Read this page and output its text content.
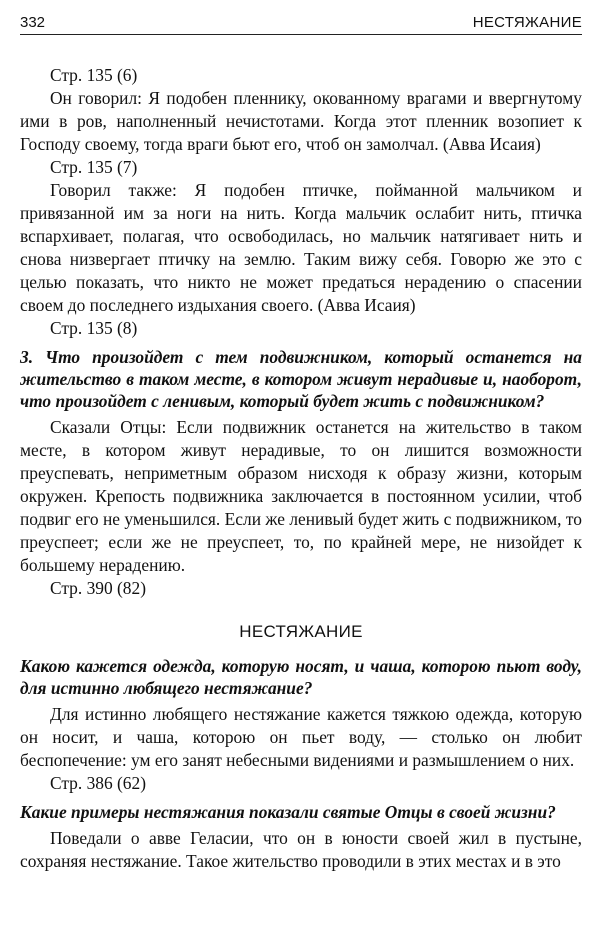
332	НЕСТЯЖАНИЕ

Стр. 135 (6)

Он говорил: Я подобен пленнику, окованному врагами и ввергнутому ими в ров, наполненный нечистотами. Когда этот пленник возопиет к Господу своему, тогда враги бьют его, чтоб он замолчал. (Авва Исаия)

Стр. 135 (7)

Говорил также: Я подобен птичке, пойманной мальчиком и привязанной им за ноги на нить. Когда мальчик ослабит нить, птичка вспархивает, полагая, что освободилась, но мальчик натягивает нить и снова низвергает птичку на землю. Таким вижу себя. Говорю же это с целью показать, что никто не может предаться нерадению о спасении своем до последнего издыхания своего. (Авва Исаия)

Стр. 135 (8)

3. Что произойдет с тем подвижником, который останется на жительство в таком месте, в котором живут нерадивые и, наоборот, что произойдет с ленивым, который будет жить с подвижником?

Сказали Отцы: Если подвижник останется на жительство в таком месте, в котором живут нерадивые, то он лишится возможности преуспевать, неприметным образом нисходя к образу жизни, которым окружен. Крепость подвижника заключается в постоянном усилии, чтоб подвиг его не уменьшился. Если же ленивый будет жить с подвижником, то преуспеет; если же не преуспеет, то, по крайней мере, не низойдет к большему нерадению.

Стр. 390 (82)

НЕСТЯЖАНИЕ

Какою кажется одежда, которую носят, и чаша, которою пьют воду, для истинно любящего нестяжание?

Для истинно любящего нестяжание кажется тяжкою одежда, которую он носит, и чаша, которою он пьет воду, — столько он любит беспопечение: ум его занят небесными видениями и размышлением о них.

Стр. 386 (62)

Какие примеры нестяжания показали святые Отцы в своей жизни?

Поведали о авве Геласии, что он в юности своей жил в пустыне, сохраняя нестяжание. Такое жительство проводили в этих местах и в это
